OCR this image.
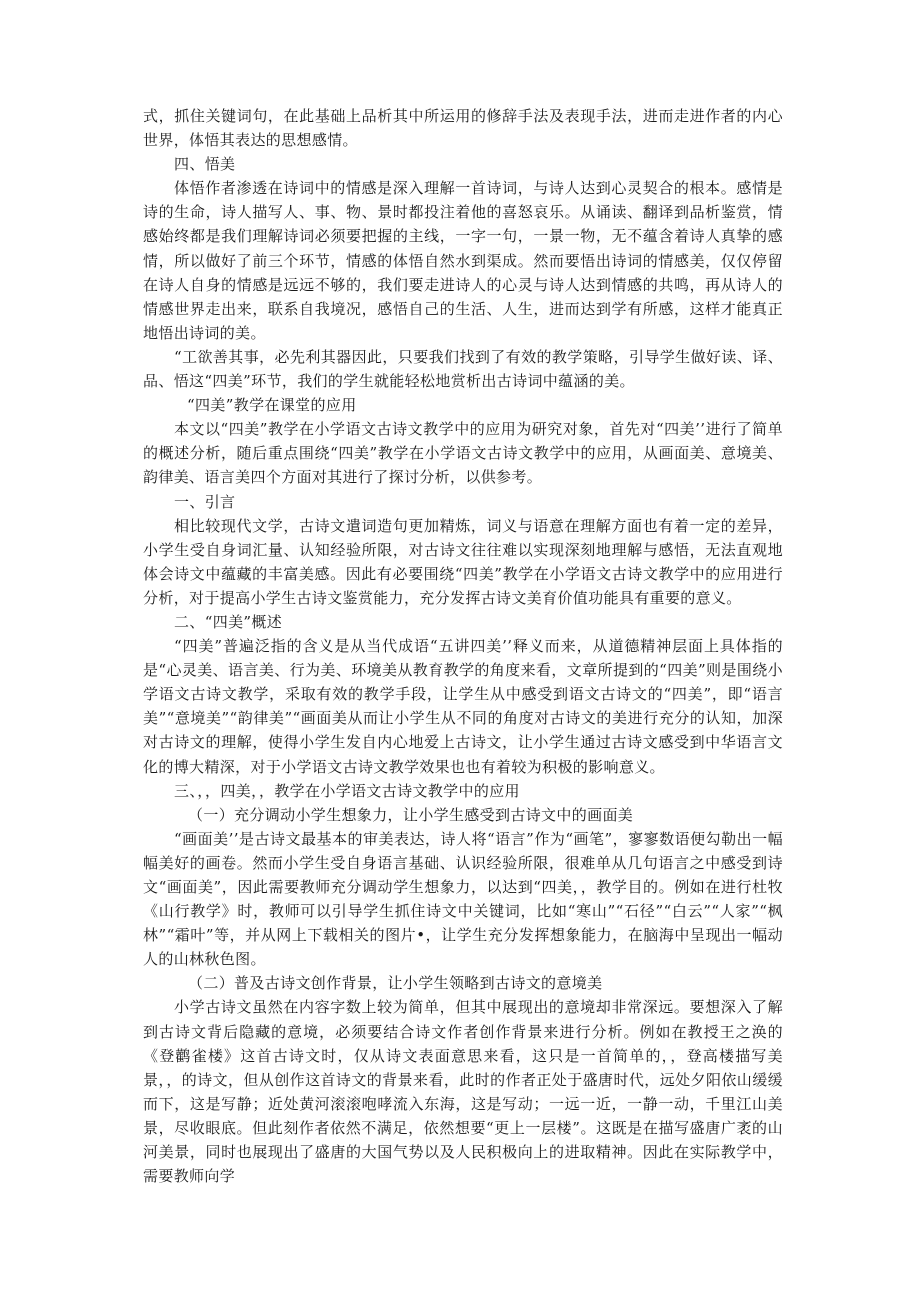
式，抓住关键词句，在此基础上品析其中所运用的修辞手法及表现手法，进而走进作者的内心世界，体悟其表达的思想感情。

四、悟美

体悟作者渗透在诗词中的情感是深入理解一首诗词，与诗人达到心灵契合的根本。感情是诗的生命，诗人描写人、事、物、景时都投注着他的喜怒哀乐。从诵读、翻译到品析鉴赏，情感始终都是我们理解诗词必须要把握的主线，一字一句，一景一物，无不蕴含着诗人真挚的感情，所以做好了前三个环节，情感的体悟自然水到渠成。然而要悟出诗词的情感美，仅仅停留在诗人自身的情感是远远不够的，我们要走进诗人的心灵与诗人达到情感的共鸣，再从诗人的情感世界走出来，联系自我境况，感悟自己的生活、人生，进而达到学有所感，这样才能真正地悟出诗词的美。

“工欲善其事，必先利其器因此，只要我们找到了有效的教学策略，引导学生做好读、译、品、悟这“四美”环节，我们的学生就能轻松地赏析出古诗词中蕴涵的美。

“四美”教学在课堂的应用

本文以“四美”教学在小学语文古诗文教学中的应用为研究对象，首先对“四美’’进行了简单的概述分析，随后重点围绕“四美”教学在小学语文古诗文教学中的应用，从画面美、意境美、韵律美、语言美四个方面对其进行了探讨分析，以供参考。

一、引言

相比较现代文学，古诗文遣词造句更加精炼，词义与语意在理解方面也有着一定的差异，小学生受自身词汇量、认知经验所限，对古诗文往往难以实现深刻地理解与感悟，无法直观地体会诗文中蕴藏的丰富美感。因此有必要围绕“四美”教学在小学语文古诗文教学中的应用进行分析，对于提高小学生古诗文鉴赏能力，充分发挥古诗文美育价值功能具有重要的意义。

二、“四美”概述

“四美”普遍泛指的含义是从当代成语“五讲四美’’释义而来，从道德精神层面上具体指的是“心灵美、语言美、行为美、环境美从教育教学的角度来看，文章所提到的“四美”则是围绕小学语文古诗文教学，采取有效的教学手段，让学生从中感受到语文古诗文的“四美”，即“语言美”“意境美”“韵律美”“画面美从而让小学生从不同的角度对古诗文的美进行充分的认知，加深对古诗文的理解，使得小学生发自内心地爱上古诗文，让小学生通过古诗文感受到中华语言文化的博大精深，对于小学语文古诗文教学效果也也有着较为积极的影响意义。

三、，，四美，，教学在小学语文古诗文教学中的应用

（一）充分调动小学生想象力，让小学生感受到古诗文中的画面美

“画面美’’是古诗文最基本的审美表达，诗人将“语言”作为“画笔”，寥寥数语便勾勒出一幅幅美好的画卷。然而小学生受自身语言基础、认识经验所限，很难单从几句语言之中感受到诗文“画面美”，因此需要教师充分调动学生想象力，以达到“四美，，教学目的。例如在进行杜牧《山行教学》时，教师可以引导学生抓住诗文中关键词，比如“寒山”“石径”“白云”“人家”“枫林”“霜叶”等，并从网上下载相关的图片•，让学生充分发挥想象能力，在脑海中呈现出一幅动人的山林秋色图。

（二）普及古诗文创作背景，让小学生领略到古诗文的意境美

小学古诗文虽然在内容字数上较为简单，但其中展现出的意境却非常深远。要想深入了解到古诗文背后隐藏的意境，必须要结合诗文作者创作背景来进行分析。例如在教授王之涣的《登鹳雀楼》这首古诗文时，仅从诗文表面意思来看，这只是一首简单的，，登高楼描写美景，，的诗文，但从创作这首诗文的背景来看，此时的作者正处于盛唐时代，远处夕阳依山缓缓而下，这是写静；近处黄河滚滚咆哮流入东海，这是写动；一远一近，一静一动，千里江山美景，尽收眼底。但此刻作者依然不满足，依然想要“更上一层楼”。这既是在描写盛唐广袤的山河美景，同时也展现出了盛唐的大国气势以及人民积极向上的进取精神。因此在实际教学中，需要教师向学
